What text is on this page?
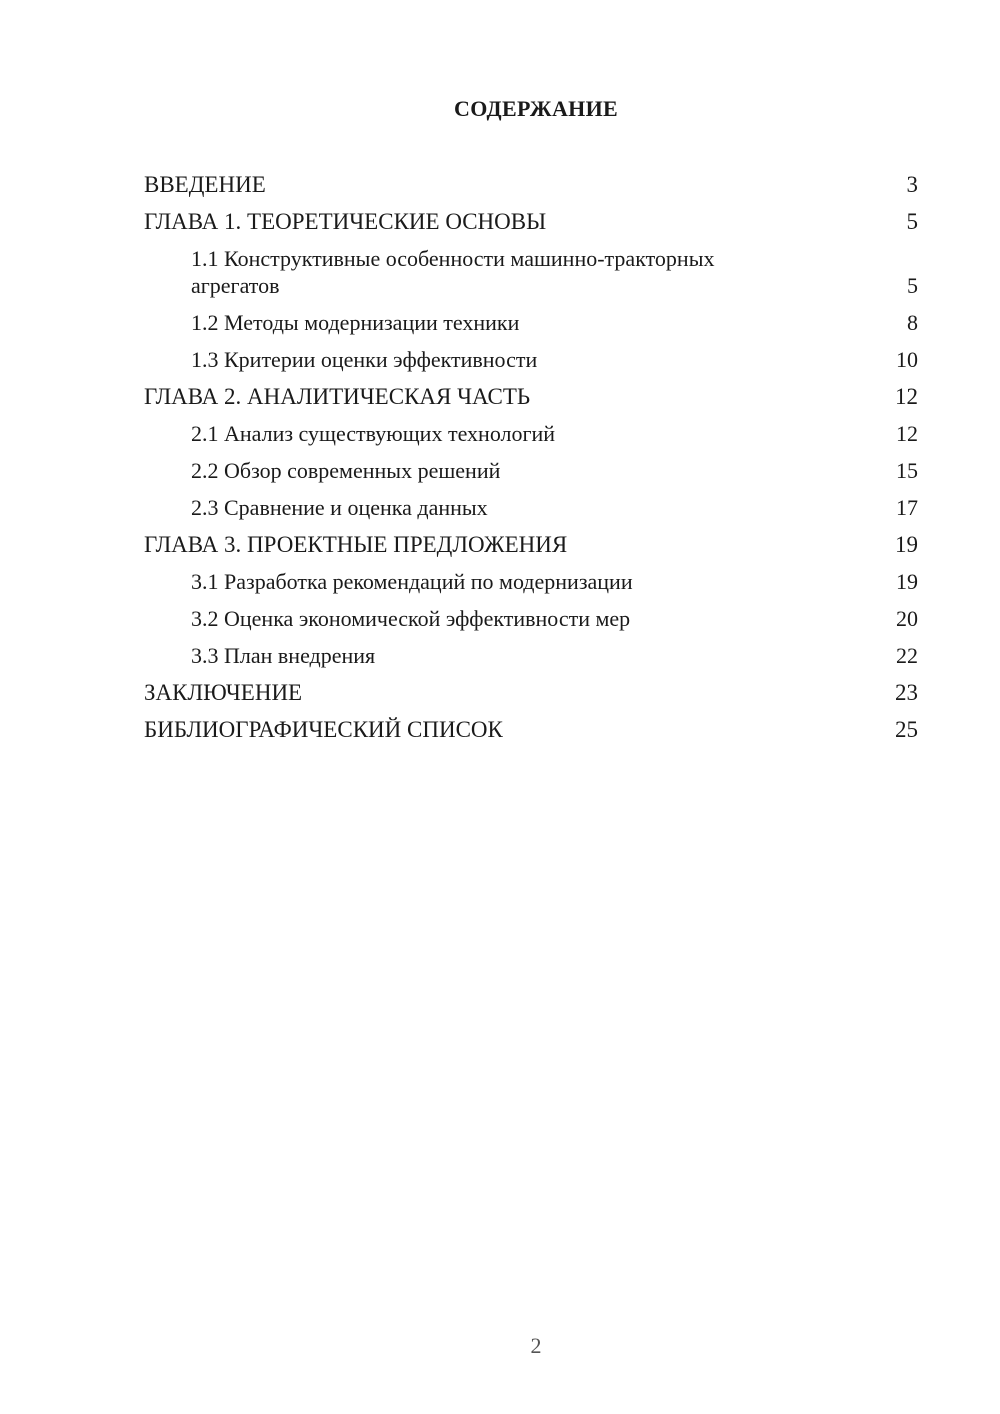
СОДЕРЖАНИЕ
ВВЕДЕНИЕ	3
ГЛАВА 1. ТЕОРЕТИЧЕСКИЕ ОСНОВЫ	5
1.1 Конструктивные особенности машинно-тракторных агрегатов	5
1.2 Методы модернизации техники	8
1.3 Критерии оценки эффективности	10
ГЛАВА 2. АНАЛИТИЧЕСКАЯ ЧАСТЬ	12
2.1 Анализ существующих технологий	12
2.2 Обзор современных решений	15
2.3 Сравнение и оценка данных	17
ГЛАВА 3. ПРОЕКТНЫЕ ПРЕДЛОЖЕНИЯ	19
3.1 Разработка рекомендаций по модернизации	19
3.2 Оценка экономической эффективности мер	20
3.3 План внедрения	22
ЗАКЛЮЧЕНИЕ	23
БИБЛИОГРАФИЧЕСКИЙ СПИСОК	25

2
